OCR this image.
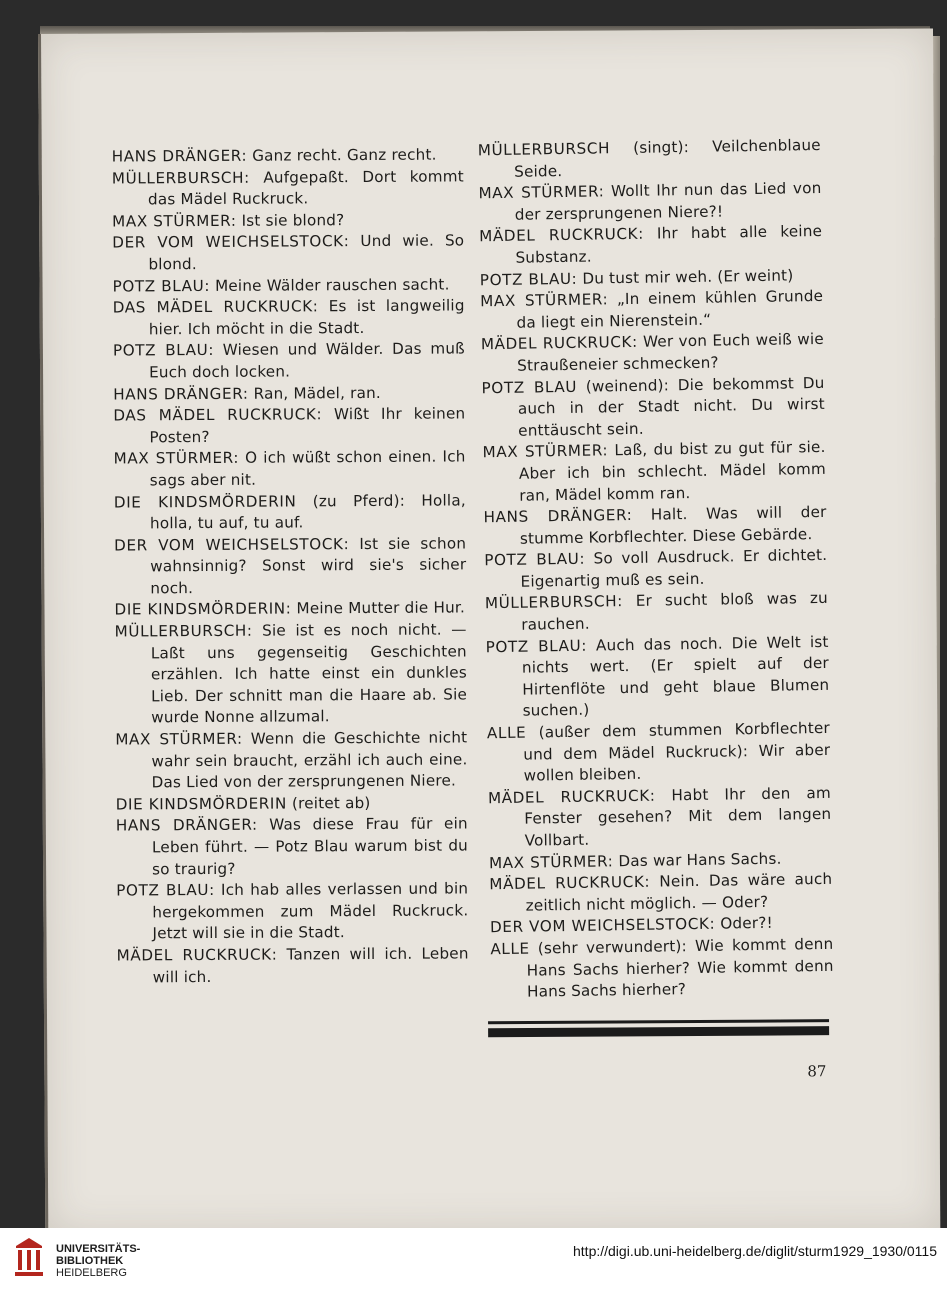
HANS DRÄNGER: Ganz recht. Ganz recht.
MÜLLERBURSCH: Aufgepaßt. Dort kommt das Mädel Ruckruck.
MAX STÜRMER: Ist sie blond?
DER VOM WEICHSELSTOCK: Und wie. So blond.
POTZ BLAU: Meine Wälder rauschen sacht.
DAS MÄDEL RUCKRUCK: Es ist langweilig hier. Ich möcht in die Stadt.
POTZ BLAU: Wiesen und Wälder. Das muß Euch doch locken.
HANS DRÄNGER: Ran, Mädel, ran.
DAS MÄDEL RUCKRUCK: Wißt Ihr keinen Posten?
MAX STÜRMER: O ich wüßt schon einen. Ich sags aber nit.
DIE KINDSMÖRDERIN (zu Pferd): Holla, holla, tu auf, tu auf.
DER VOM WEICHSELSTOCK: Ist sie schon wahnsinnig? Sonst wird sie's sicher noch.
DIE KINDSMÖRDERIN: Meine Mutter die Hur.
MÜLLERBURSCH: Sie ist es noch nicht. — Laßt uns gegenseitig Geschichten erzählen. Ich hatte einst ein dunkles Lieb. Der schnitt man die Haare ab. Sie wurde Nonne allzumal.
MAX STÜRMER: Wenn die Geschichte nicht wahr sein braucht, erzähl ich auch eine. Das Lied von der zersprungenen Niere.
DIE KINDSMÖRDERIN (reitet ab)
HANS DRÄNGER: Was diese Frau für ein Leben führt. — Potz Blau warum bist du so traurig?
POTZ BLAU: Ich hab alles verlassen und bin hergekommen zum Mädel Ruckruck. Jetzt will sie in die Stadt.
MÄDEL RUCKRUCK: Tanzen will ich. Leben will ich.
MÜLLERBURSCH (singt): Veilchenblaue Seide.
MAX STÜRMER: Wollt Ihr nun das Lied von der zersprungenen Niere?!
MÄDEL RUCKRUCK: Ihr habt alle keine Substanz.
POTZ BLAU: Du tust mir weh. (Er weint)
MAX STÜRMER: „In einem kühlen Grunde da liegt ein Nierenstein.“
MÄDEL RUCKRUCK: Wer von Euch weiß wie Straußeneier schmecken?
POTZ BLAU (weinend): Die bekommst Du auch in der Stadt nicht. Du wirst enttäuscht sein.
MAX STÜRMER: Laß, du bist zu gut für sie. Aber ich bin schlecht. Mädel komm ran, Mädel komm ran.
HANS DRÄNGER: Halt. Was will der stumme Korbflechter. Diese Gebärde.
POTZ BLAU: So voll Ausdruck. Er dichtet. Eigenartig muß es sein.
MÜLLERBURSCH: Er sucht bloß was zu rauchen.
POTZ BLAU: Auch das noch. Die Welt ist nichts wert. (Er spielt auf der Hirtenflöte und geht blaue Blumen suchen.)
ALLE (außer dem stummen Korbflechter und dem Mädel Ruckruck): Wir aber wollen bleiben.
MÄDEL RUCKRUCK: Habt Ihr den am Fenster gesehen? Mit dem langen Vollbart.
MAX STÜRMER: Das war Hans Sachs.
MÄDEL RUCKRUCK: Nein. Das wäre auch zeitlich nicht möglich. — Oder?
DER VOM WEICHSELSTOCK: Oder?!
ALLE (sehr verwundert): Wie kommt denn Hans Sachs hierher? Wie kommt denn Hans Sachs hierher?
87
UNIVERSITÄTS-
BIBLIOTHEK
HEIDELBERG
http://digi.ub.uni-heidelberg.de/diglit/sturm1929_1930/0115
